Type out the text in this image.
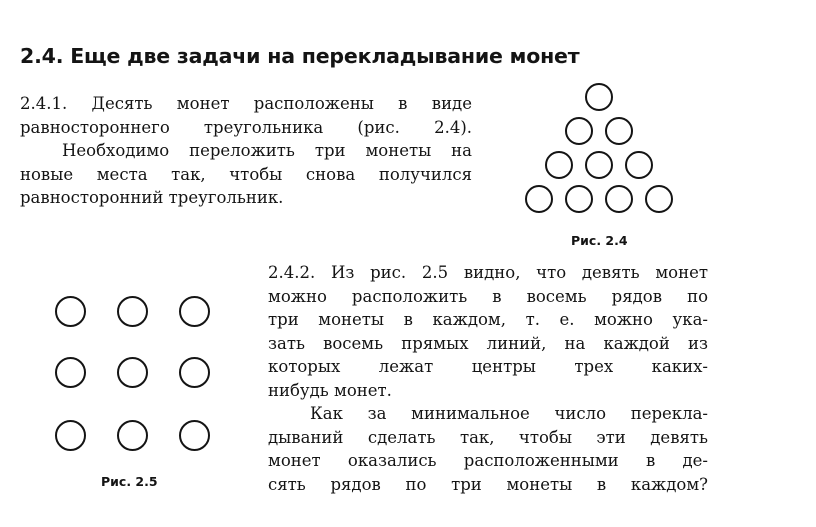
2.4. Еще две задачи на перекладывание монет
2.4.1. Десять монет расположены в виде
равностороннего треугольника (рис. 2.4).
Необходимо переложить три монеты на
новые места так, чтобы снова получился
равносторонний треугольник.

Рис. 2.4

Рис. 2.5

2.4.2. Из рис. 2.5 видно, что девять монет
можно расположить в восемь рядов по
три монеты в каждом, т. е. можно ука-
зать восемь прямых линий, на каждой из
которых лежат центры трех каких-
нибудь монет.
Как за минимальное число перекла-
дываний сделать так, чтобы эти девять
монет оказались расположенными в де-
сять рядов по три монеты в каждом?
